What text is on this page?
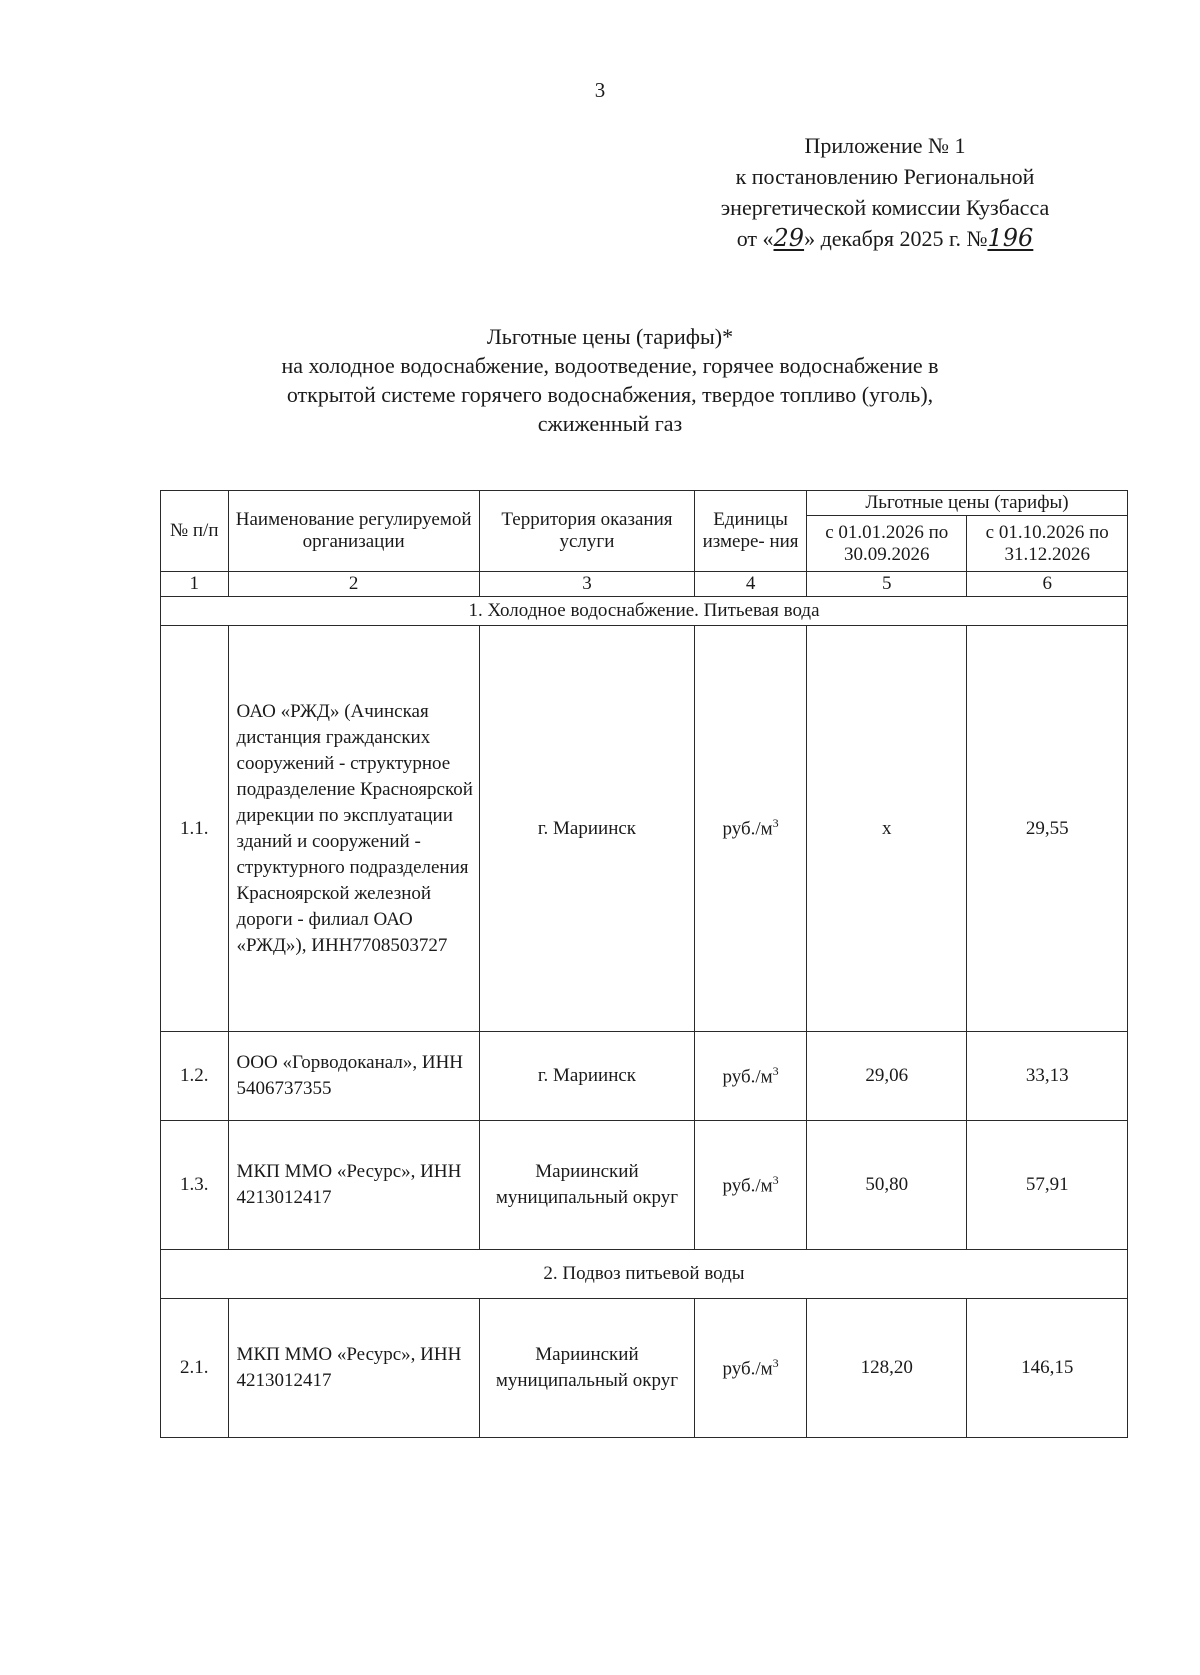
3
Приложение № 1
к постановлению Региональной
энергетической комиссии Кузбасса
от «29» декабря 2025 г. №196
Льготные цены (тарифы)*
на холодное водоснабжение, водоотведение, горячее водоснабжение в
открытой системе горячего водоснабжения, твердое топливо (уголь),
сжиженный газ
№ п/п	Наименование регулируемой организации	Территория оказания услуги	Единицы измере- ния	Льготные цены (тарифы)	
				с 01.01.2026 по 30.09.2026	с 01.10.2026 по 31.12.2026
1	2	3	4	5	6
1. Холодное водоснабжение. Питьевая вода					
1.1.	ОАО «РЖД» (Ачинская дистанция гражданских сооружений - структурное подразделение Красноярской дирекции по эксплуатации зданий и сооружений - структурного подразделения Красноярской железной дороги - филиал ОАО «РЖД»), ИНН7708503727	г. Мариинск	$руб./м^3$	х	29,55
1.2.	ООО «Горводоканал», ИНН 5406737355	г. Мариинск	$руб./м^3$	29,06	33,13
1.3.	МКП ММО «Ресурс», ИНН 4213012417	Мариинский муниципальный округ	$руб./м^3$	50,80	57,91
2. Подвоз питьевой воды					
2.1.	МКП ММО «Ресурс», ИНН 4213012417	Мариинский муниципальный округ	$руб./м^3$	128,20	146,15
